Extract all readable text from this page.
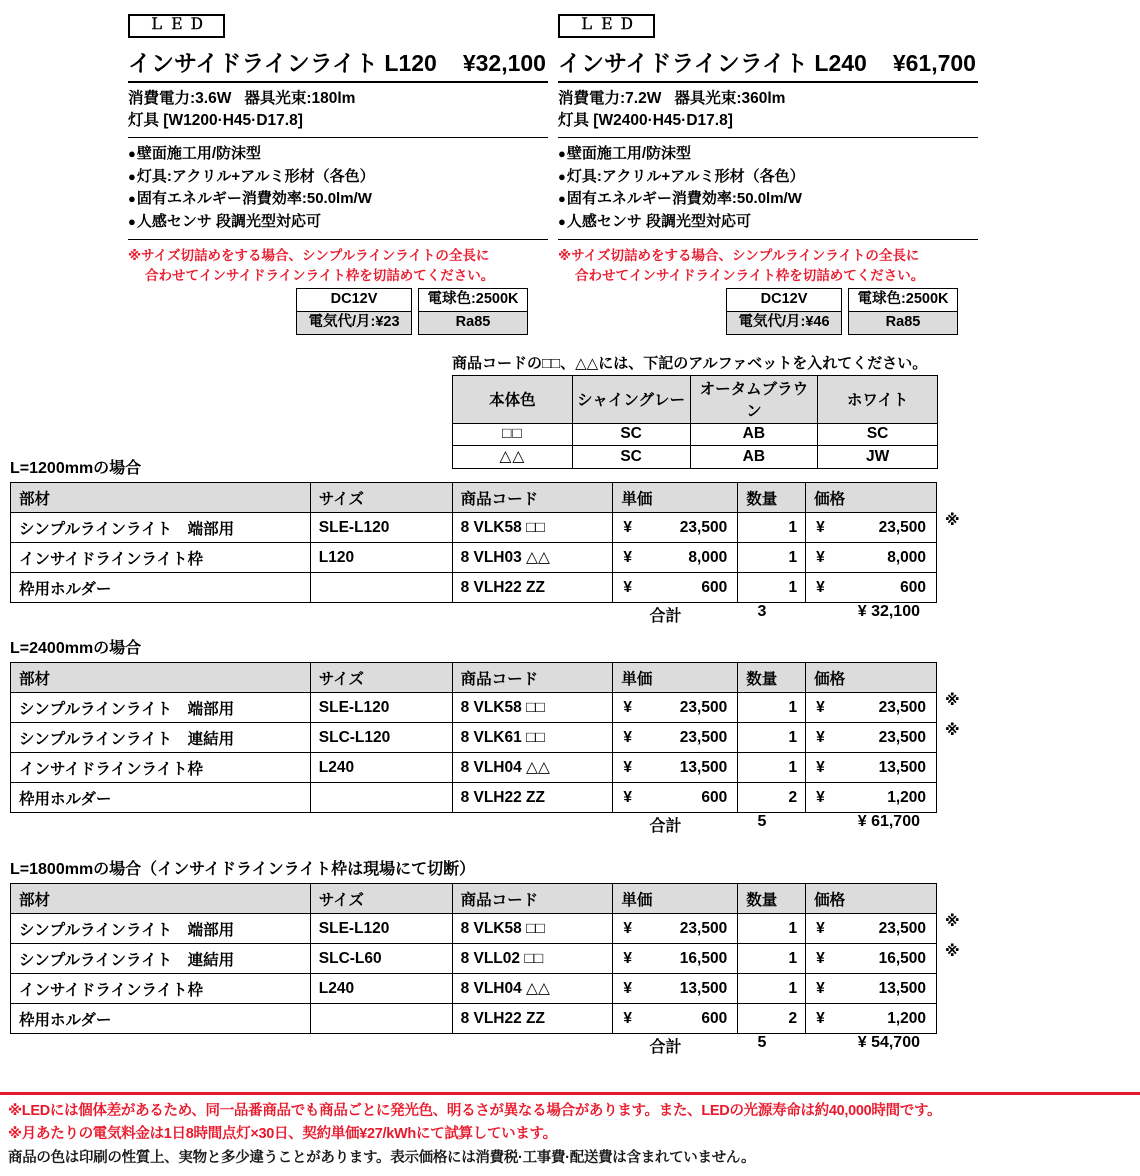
ＬＥＤ
インサイドラインライト L120 ¥32,100
消費電力:3.6W 器具光束:180lm
灯具 [W1200·H45·D17.8]
● 壁面施工用/防沫型
● 灯具:アクリル+アルミ形材（各色）
● 固有エネルギー消費効率:50.0lm/W
● 人感センサ 段調光型対応可
※サイズ切詰めをする場合、シンプルラインライトの全長に
合わせてインサイドラインライト枠を切詰めてください。
ＬＥＤ
インサイドラインライト L240 ¥61,700
消費電力:7.2W 器具光束:360lm
灯具 [W2400·H45·D17.8]
● 壁面施工用/防沫型
● 灯具:アクリル+アルミ形材（各色）
● 固有エネルギー消費効率:50.0lm/W
● 人感センサ 段調光型対応可
※サイズ切詰めをする場合、シンプルラインライトの全長に
合わせてインサイドラインライト枠を切詰めてください。
DC12V
電気代/月:¥23
電球色:2500K
Ra85
DC12V
電気代/月:¥46
電球色:2500K
Ra85
商品コードの□□、△△には、下記のアルファベットを入れてください。
本体色	シャイングレー	オータムブラウン	ホワイト
□□	SC	AB	SC
△△	SC	AB	JW
L=1200mmの場合
部材	サイズ	商品コード	単価	数量	価格
シンプルラインライト　端部用	SLE-L120	8 VLK58 □□	¥ 23,500	1	¥ 23,500

インサイドラインライト枠	L120	8 VLH03 △△	¥ 8,000	1	¥ 8,000

枠用ホルダー		8 VLH22 ZZ	¥ 600	1	¥ 600
※
合計	3	¥ 32,100
L=2400mmの場合
部材	サイズ	商品コード	単価	数量	価格
シンプルラインライト　端部用	SLE-L120	8 VLK58 □□	¥ 23,500	1	¥ 23,500

シンプルラインライト　連結用	SLC-L120	8 VLK61 □□	¥ 23,500	1	¥ 23,500

インサイドラインライト枠	L240	8 VLH04 △△	¥ 13,500	1	¥ 13,500

枠用ホルダー		8 VLH22 ZZ	¥ 600	2	¥ 1,200
※
※
合計	5	¥ 61,700
L=1800mmの場合（インサイドラインライト枠は現場にて切断）
部材	サイズ	商品コード	単価	数量	価格
シンプルラインライト　端部用	SLE-L120	8 VLK58 □□	¥ 23,500	1	¥ 23,500

シンプルラインライト　連結用	SLC-L60	8 VLL02 □□	¥ 16,500	1	¥ 16,500

インサイドラインライト枠	L240	8 VLH04 △△	¥ 13,500	1	¥ 13,500

枠用ホルダー		8 VLH22 ZZ	¥ 600	2	¥ 1,200
※
※
合計	5	¥ 54,700
※LEDには個体差があるため、同一品番商品でも商品ごとに発光色、明るさが異なる場合があります。また、LEDの光源寿命は約40,000時間です。
※月あたりの電気料金は1日8時間点灯×30日、契約単価¥27/kWhにて試算しています。
商品の色は印刷の性質上、実物と多少違うことがあります。表示価格には消費税·工事費·配送費は含まれていません。
